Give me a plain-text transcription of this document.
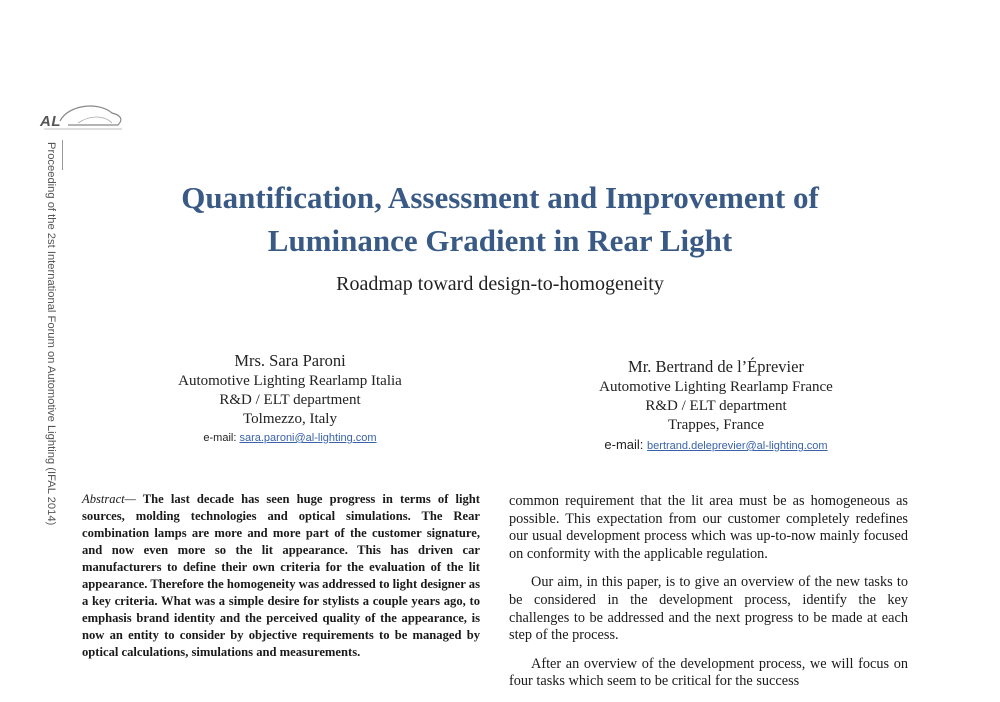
AL
Proceeding of the 2st International Forum on Automotive Lighting (IFAL 2014)	Quantification, Assessment and Improvement of
Luminance Gradient in Rear Light
Roadmap toward design-to-homogeneity
Mrs. Sara Paroni
Automotive Lighting Rearlamp Italia
R&D / ELT department
Tolmezzo, Italy
e-mail: sara.paroni@al-lighting.com
Mr. Bertrand de l’Éprevier
Automotive Lighting Rearlamp France
R&D / ELT department
Trappes, France
e-mail: bertrand.deleprevier@al-lighting.com
Abstract— The last decade has seen huge progress in terms of light sources, molding technologies and optical simulations. The Rear combination lamps are more and more part of the customer signature, and now even more so the lit appearance. This has driven car manufacturers to define their own criteria for the evaluation of the lit appearance. Therefore the homogeneity was addressed to light designer as a key criteria. What was a simple desire for stylists a couple years ago, to emphasis brand identity and the perceived quality of the appearance, is now an entity to consider by objective requirements to be managed by optical calculations, simulations and measurements.

common requirement that the lit area must be as homogeneous as possible. This expectation from our customer completely redefines our usual development process which was up-to-now mainly focused on conformity with the applicable regulation.

Our aim, in this paper, is to give an overview of the new tasks to be considered in the development process, identify the key challenges to be addressed and the next progress to be made at each step of the process.

After an overview of the development process, we will focus on four tasks which seem to be critical for the success
